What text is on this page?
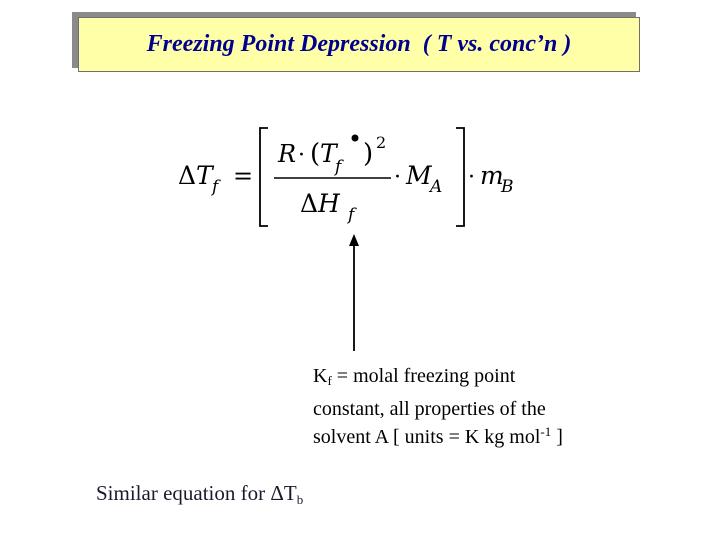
Freezing Point Depression  ( T vs. conc’n )
Δ T f =
R · ( T
f ) 2
Δ H f
· M
A · m
B
$K_f$ = molal freezing point
constant, all properties of the
solvent A [ units = K kg mol$^{-1}$ ]
Similar equation for $\Delta T_b$
